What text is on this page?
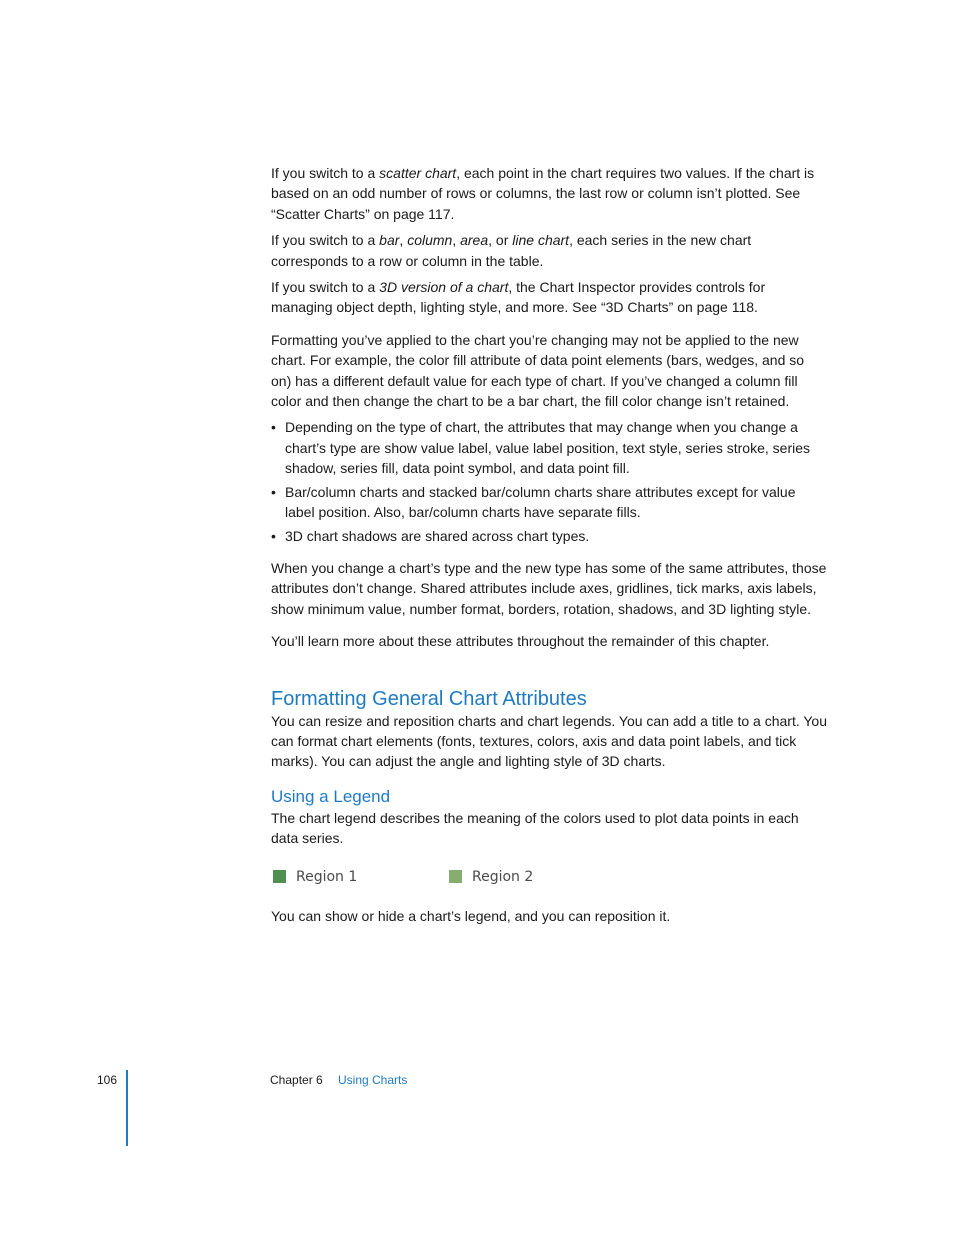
If you switch to a scatter chart, each point in the chart requires two values. If the chart is based on an odd number of rows or columns, the last row or column isn’t plotted. See “Scatter Charts” on page 117.

If you switch to a bar, column, area, or line chart, each series in the new chart corresponds to a row or column in the table.

If you switch to a 3D version of a chart, the Chart Inspector provides controls for managing object depth, lighting style, and more. See “3D Charts” on page 118.

Formatting you’ve applied to the chart you’re changing may not be applied to the new chart. For example, the color fill attribute of data point elements (bars, wedges, and so on) has a different default value for each type of chart. If you’ve changed a column fill color and then change the chart to be a bar chart, the fill color change isn’t retained.

• Depending on the type of chart, the attributes that may change when you change a chart’s type are show value label, value label position, text style, series stroke, series shadow, series fill, data point symbol, and data point fill.
• Bar/column charts and stacked bar/column charts share attributes except for value label position. Also, bar/column charts have separate fills.
• 3D chart shadows are shared across chart types.

When you change a chart’s type and the new type has some of the same attributes, those attributes don’t change. Shared attributes include axes, gridlines, tick marks, axis labels, show minimum value, number format, borders, rotation, shadows, and 3D lighting style.

You’ll learn more about these attributes throughout the remainder of this chapter.

Formatting General Chart Attributes

You can resize and reposition charts and chart legends. You can add a title to a chart. You can format chart elements (fonts, textures, colors, axis and data point labels, and tick marks). You can adjust the angle and lighting style of 3D charts.

Using a Legend

The chart legend describes the meaning of the colors used to plot data points in each data series.

Region 1	Region 2

You can show or hide a chart’s legend, and you can reposition it.

106	Chapter 6 Using Charts
